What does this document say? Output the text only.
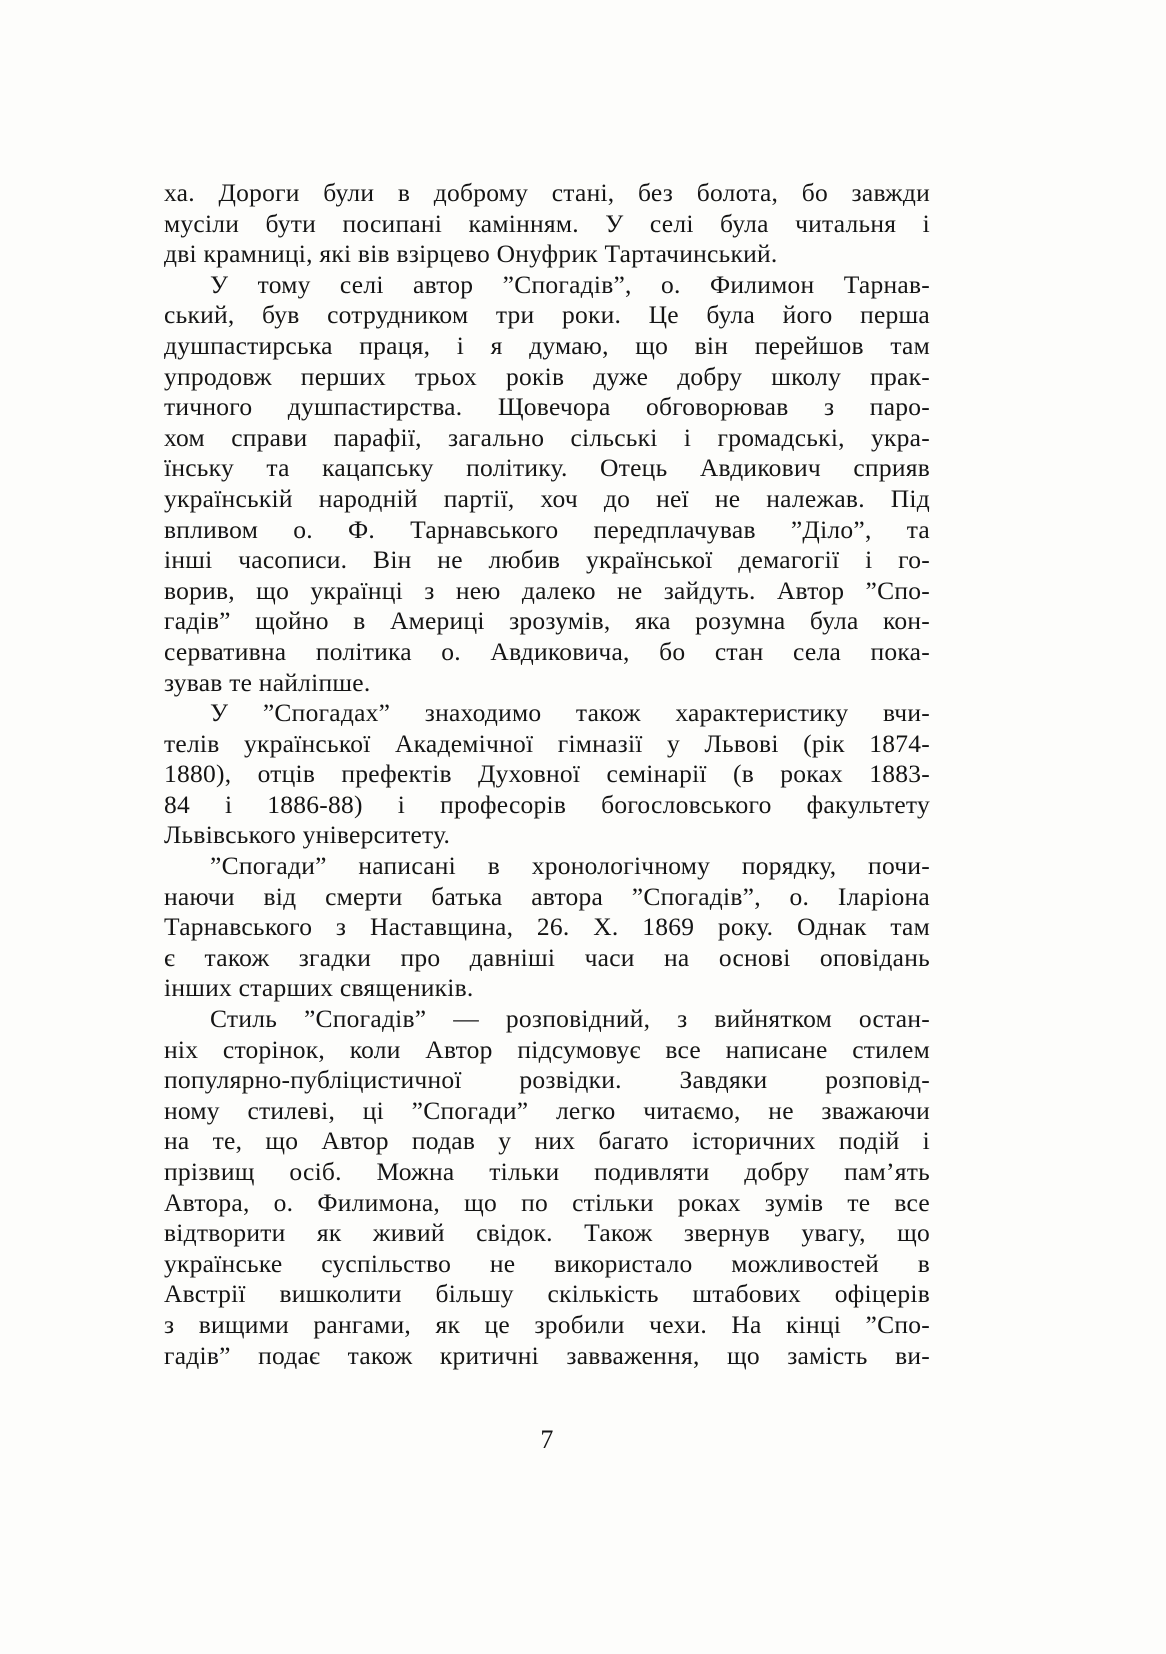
ха. Дороги були в доброму стані, без болота, бо завжди
мусіли бути посипані камінням. У селі була читальня і
дві крамниці, які вів взірцево Онуфрик Тартачинський.
У тому селі автор ”Спогадів”, о. Филимон Тарнав-
ський, був сотрудником три роки. Це була його перша
душпастирська праця, і я думаю, що він перейшов там
упродовж перших трьох років дуже добру школу прак-
тичного душпастирства. Щовечора обговорював з паро-
хом справи парафії, загально сільські і громадські, укра-
їнську та кацапську політику. Отець Авдикович сприяв
українській народній партії, хоч до неї не належав. Під
впливом о. Ф. Тарнавського передплачував ”Діло”, та
інші часописи. Він не любив української демагогії і го-
ворив, що українці з нею далеко не зайдуть. Автор ”Спо-
гадів” щойно в Америці зрозумів, яка розумна була кон-
сервативна політика о. Авдиковича, бо стан села пока-
зував те найліпше.
У ”Спогадах” знаходимо також характеристику вчи-
телів української Академічної гімназії у Львові (рік 1874-
1880), отців префектів Духовної семінарії (в роках 1883-
84 і 1886-88) і професорів богословського факультету
Львівського університету.
”Спогади” написані в хронологічному порядку, почи-
наючи від смерти батька автора ”Спогадів”, о. Іларіона
Тарнавського з Наставщина, 26. X. 1869 року. Однак там
є також згадки про давніші часи на основі оповідань
інших старших священиків.
Стиль ”Спогадів” — розповідний, з вийнятком остан-
ніх сторінок, коли Автор підсумовує все написане стилем
популярно-публіцистичної розвідки. Завдяки розповід-
ному стилеві, ці ”Спогади” легко читаємо, не зважаючи
на те, що Автор подав у них багато історичних подій і
прізвищ осіб. Можна тільки подивляти добру пам’ять
Автора, о. Филимона, що по стільки роках зумів те все
відтворити як живий свідок. Також звернув увагу, що
українське суспільство не використало можливостей в
Австрії вишколити більшу скількість штабових офіцерів
з вищими рангами, як це зробили чехи. На кінці ”Спо-
гадів” подає також критичні завваження, що замість ви-
7
